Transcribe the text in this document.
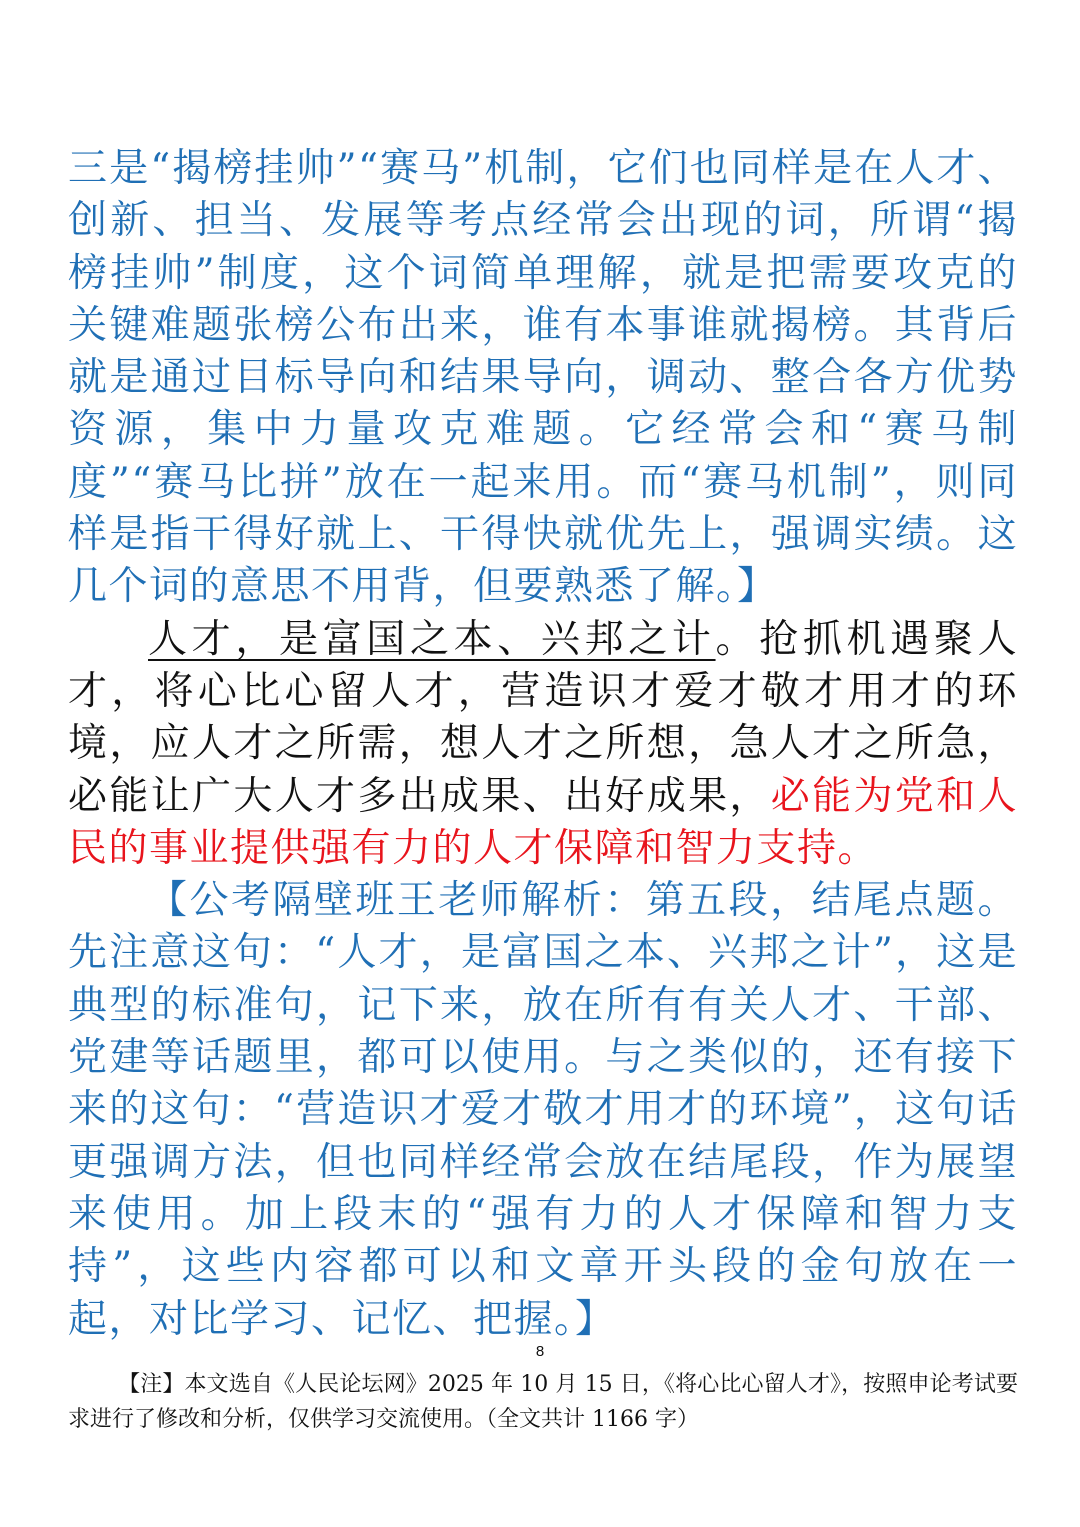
三是“揭榜挂帅”“赛马”机制，它们也同样是在人才、创新、担当、发展等考点经常会出现的词，所谓“揭榜挂帅”制度，这个词简单理解，就是把需要攻克的关键难题张榜公布出来，谁有本事谁就揭榜。其背后就是通过目标导向和结果导向，调动、整合各方优势资源，集中力量攻克难题。它经常会和“赛马制度”“赛马比拼”放在一起来用。而“赛马机制”，则同样是指干得好就上、干得快就优先上，强调实绩。这几个词的意思不用背，但要熟悉了解。】

人才，是富国之本、兴邦之计。抢抓机遇聚人才，将心比心留人才，营造识才爱才敬才用才的环境，应人才之所需，想人才之所想，急人才之所急，必能让广大人才多出成果、出好成果，必能为党和人民的事业提供强有力的人才保障和智力支持。

【公考隔壁班王老师解析：第五段，结尾点题。先注意这句：“人才，是富国之本、兴邦之计”，这是典型的标准句，记下来，放在所有有关人才、干部、党建等话题里，都可以使用。与之类似的，还有接下来的这句：“营造识才爱才敬才用才的环境”，这句话更强调方法，但也同样经常会放在结尾段，作为展望来使用。加上段末的“强有力的人才保障和智力支持”，这些内容都可以和文章开头段的金句放在一起，对比学习、记忆、把握。】

8
【注】本文选自《人民论坛网》2025 年 10 月 15 日，《将心比心留人才》，按照申论考试要求进行了修改和分析，仅供学习交流使用。（全文共计 1166 字）
